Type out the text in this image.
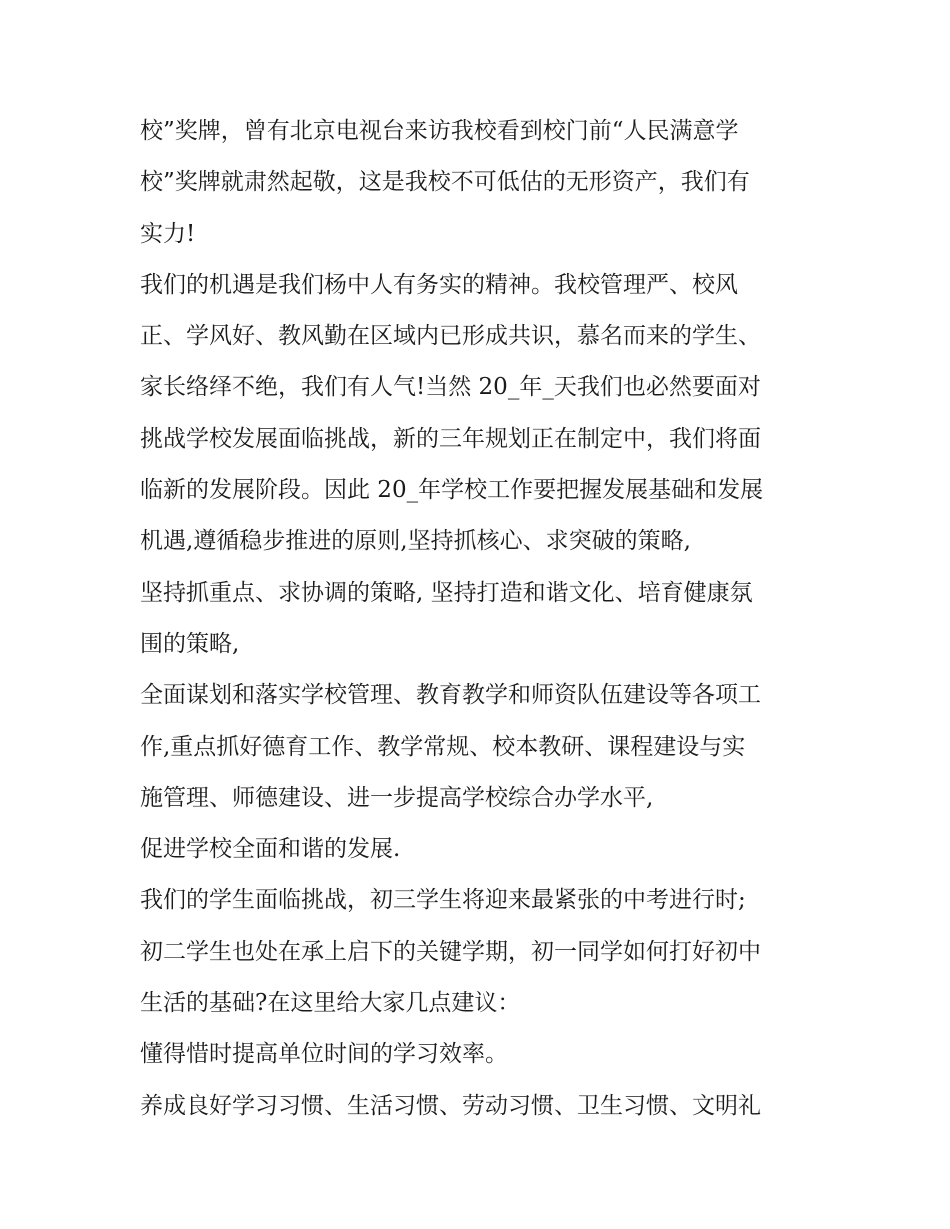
校”奖牌，曾有北京电视台来访我校看到校门前“人民满意学
校”奖牌就肃然起敬，这是我校不可低估的无形资产，我们有
实力!
我们的机遇是我们杨中人有务实的精神。我校管理严、校风
正、学风好、教风勤在区域内已形成共识，慕名而来的学生、
家长络绎不绝，我们有人气!当然 20_年_天我们也必然要面对
挑战学校发展面临挑战，新的三年规划正在制定中，我们将面
临新的发展阶段。因此 20_年学校工作要把握发展基础和发展
机遇,遵循稳步推进的原则,坚持抓核心、求突破的策略,
坚持抓重点、求协调的策略, 坚持打造和谐文化、培育健康氛
围的策略,
全面谋划和落实学校管理、教育教学和师资队伍建设等各项工
作,重点抓好德育工作、教学常规、校本教研、课程建设与实
施管理、师德建设、进一步提高学校综合办学水平,
促进学校全面和谐的发展.
我们的学生面临挑战，初三学生将迎来最紧张的中考进行时;
初二学生也处在承上启下的关键学期，初一同学如何打好初中
生活的基础?在这里给大家几点建议：
懂得惜时提高单位时间的学习效率。
养成良好学习习惯、生活习惯、劳动习惯、卫生习惯、文明礼
